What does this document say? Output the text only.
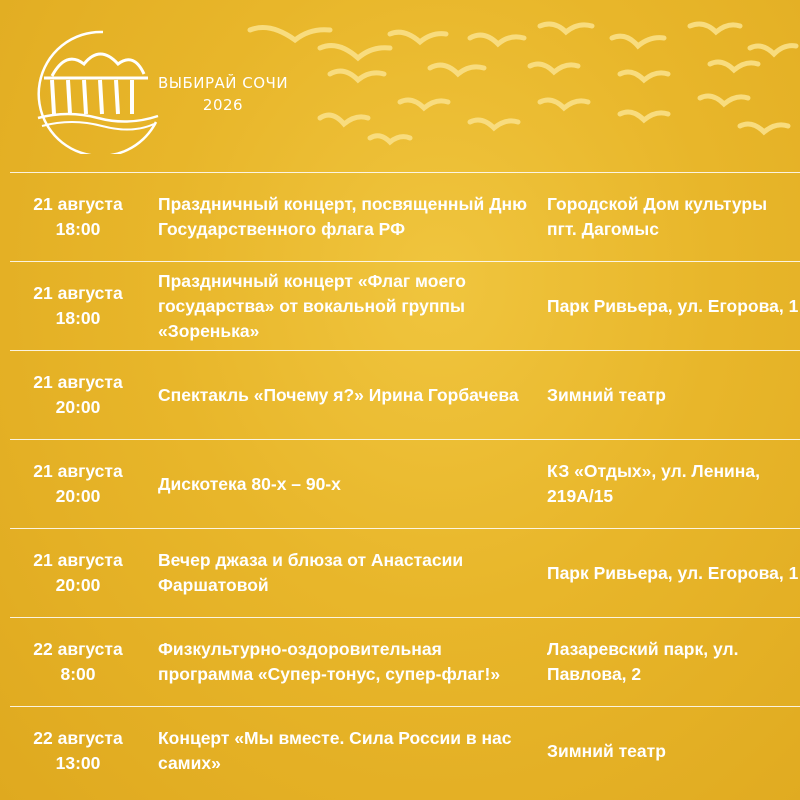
ВЫБИРАЙ СОЧИ
2026
21 августа
18:00
Праздничный концерт, посвященный Дню Государственного флага РФ
Городской Дом культуры пгт. Дагомыс
21 августа
18:00
Праздничный концерт «Флаг моего государства» от вокальной группы «Зоренька»
Парк Ривьера, ул. Егорова, 1
21 августа
20:00
Спектакль «Почему я?» Ирина Горбачева Зимний театр
21 августа
20:00
Дискотека 80-х – 90-х
КЗ «Отдых», ул. Ленина, 219А/15
21 августа
20:00
Вечер джаза и блюза от Анастасии Фаршатовой
Парк Ривьера, ул. Егорова, 1
22 августа
8:00
Физкультурно-оздоровительная программа «Супер-тонус, супер-флаг!»
Лазаревский парк, ул. Павлова, 2
22 августа
13:00
Концерт «Мы вместе. Сила России в нас самих»
Зимний театр
